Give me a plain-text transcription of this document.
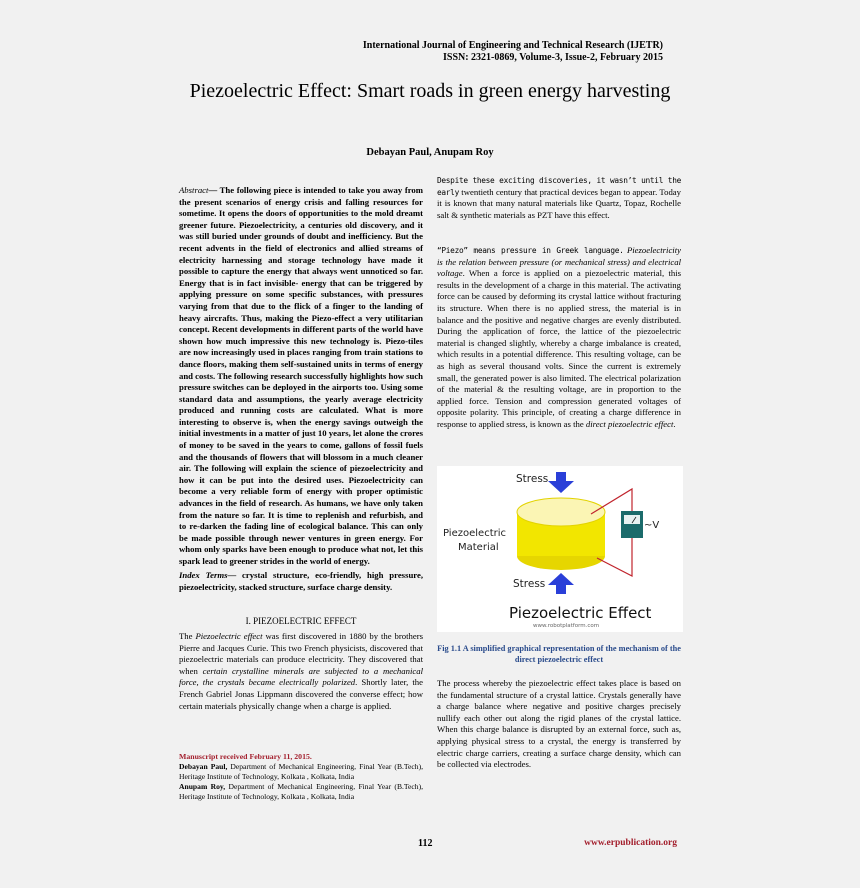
International Journal of Engineering and Technical Research (IJETR)
ISSN: 2321-0869, Volume-3, Issue-2, February 2015
Piezoelectric Effect: Smart roads in green energy harvesting
Debayan Paul, Anupam Roy
Abstract— The following piece is intended to take you away from the present scenarios of energy crisis and falling resources for sometime. It opens the doors of opportunities to the mold dreamt greener future. Piezoelectricity, a centuries old discovery, and it was still buried under grounds of doubt and inefficiency. But the recent advents in the field of electronics and allied streams of electricity harnessing and storage technology have made it possible to capture the energy that always went unnoticed so far. Energy that is in fact invisible- energy that can be triggered by applying pressure on some specific substances, with pressures varying from that due to the flick of a finger to the landing of heavy aircrafts. Thus, making the Piezo-effect a very utilitarian concept. Recent developments in different parts of the world have shown how much impressive this new technology is. Piezo-tiles are now increasingly used in places ranging from train stations to dance floors, making them self-sustained units in terms of energy and costs. The following research successfully highlights how such pressure switches can be deployed in the airports too. Using some standard data and assumptions, the yearly average electricity produced and running costs are calculated. What is more interesting to observe is, when the energy savings outweigh the initial investments in a matter of just 10 years, let alone the crores of money to be saved in the years to come, gallons of fossil fuels and the thousands of flowers that will blossom in a much cleaner air. The following will explain the science of piezoelectricity and how it can be put into the desired uses. Piezoelectricity can become a very reliable form of energy with proper optimistic advances in the field of research. As humans, we have only taken from the nature so far. It is time to replenish and refurbish, and to re-darken the fading line of ecological balance. This can only be made possible through newer ventures in green energy. For whom only sparks have been enough to produce what not, let this spark lead to greener strides in the world of energy.
Index Terms— crystal structure, eco-friendly, high pressure, piezoelectricity, stacked structure, surface charge density.
I. PIEZOELECTRIC EFFECT
The Piezoelectric effect was first discovered in 1880 by the brothers Pierre and Jacques Curie. This two French physicists, discovered that piezoelectric materials can produce electricity. They discovered that when certain crystalline minerals are subjected to a mechanical force, the crystals became electrically polarized. Shortly later, the French Gabriel Jonas Lippmann discovered the converse effect; how certain materials physically change when a charge is applied.
Manuscript received February 11, 2015.
Debayan Paul, Department of Mechanical Engineering, Final Year (B.Tech), Heritage Institute of Technology, Kolkata , Kolkata, India
Anupam Roy, Department of Mechanical Engineering, Final Year (B.Tech), Heritage Institute of Technology, Kolkata , Kolkata, India
Despite these exciting discoveries, it wasn’t until the early twentieth century that practical devices began to appear. Today it is known that many natural materials like Quartz, Topaz, Rochelle salt & synthetic materials as PZT have this effect.
“Piezo” means pressure in Greek language. Piezoelectricity is the relation between pressure (or mechanical stress) and electrical voltage. When a force is applied on a piezoelectric material, this results in the development of a charge in this material. The activating force can be caused by deforming its crystal lattice without fracturing its structure. When there is no applied stress, the material is in balance and the positive and negative charges are evenly distributed. During the application of force, the lattice of the piezoelectric material is changed slightly, whereby a charge imbalance is created, which results in a potential difference. This resulting voltage, can be as high as several thousand volts. Since the current is extremely small, the generated power is also limited. The electrical polarization of the material & the resulting voltage, are in proportion to the applied force. Tension and compression generated voltages of opposite polarity. This principle, of creating a charge difference in response to applied stress, is known as the direct piezoelectric effect.
Stress
~V
Piezoelectric
Material
Stress
Piezoelectric Effect
www.robotplatform.com
Fig 1.1 A simplified graphical representation of the mechanism of the direct piezoelectric effect
The process whereby the piezoelectric effect takes place is based on the fundamental structure of a crystal lattice. Crystals generally have a charge balance where negative and positive charges precisely nullify each other out along the rigid planes of the crystal lattice. When this charge balance is disrupted by an external force, such as, applying physical stress to a crystal, the energy is transferred by electric charge carriers, creating a surface charge density, which can be collected via electrodes.
112	www.erpublication.org
